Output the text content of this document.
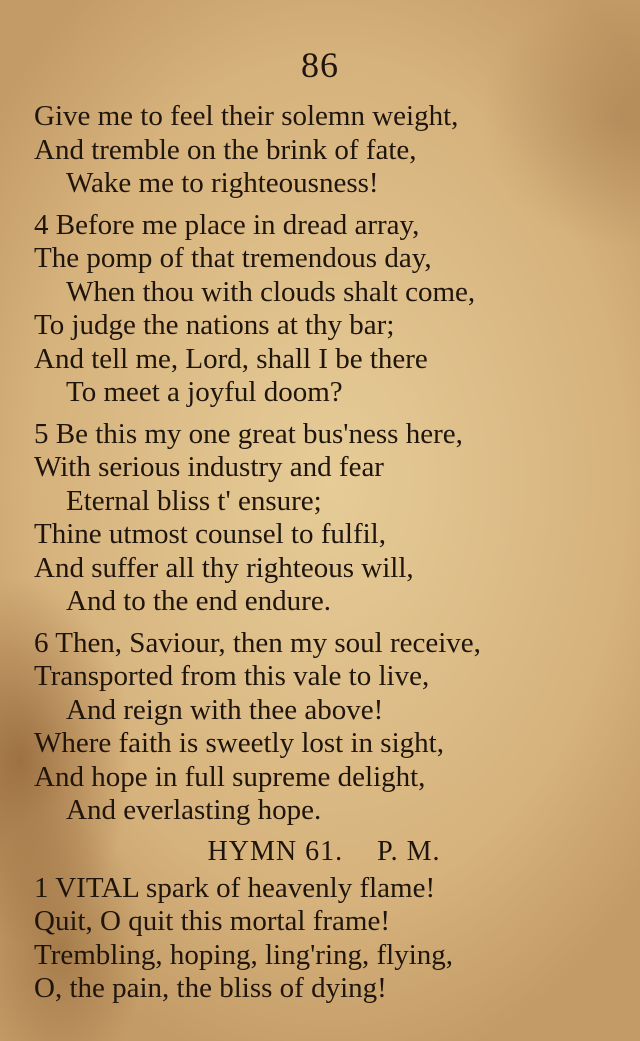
86
Give me to feel their solemn weight,
And tremble on the brink of fate,
Wake me to righteousness!
4 Before me place in dread array,
The pomp of that tremendous day,
When thou with clouds shalt come,
To judge the nations at thy bar;
And tell me, Lord, shall I be there
To meet a joyful doom?
5 Be this my one great bus'ness here,
With serious industry and fear
Eternal bliss t' ensure;
Thine utmost counsel to fulfil,
And suffer all thy righteous will,
And to the end endure.
6 Then, Saviour, then my soul receive,
Transported from this vale to live,
And reign with thee above!
Where faith is sweetly lost in sight,
And hope in full supreme delight,
And everlasting hope.
HYMN 61. P. M.
1 VITAL spark of heavenly flame!
Quit, O quit this mortal frame!
Trembling, hoping, ling'ring, flying,
O, the pain, the bliss of dying!
